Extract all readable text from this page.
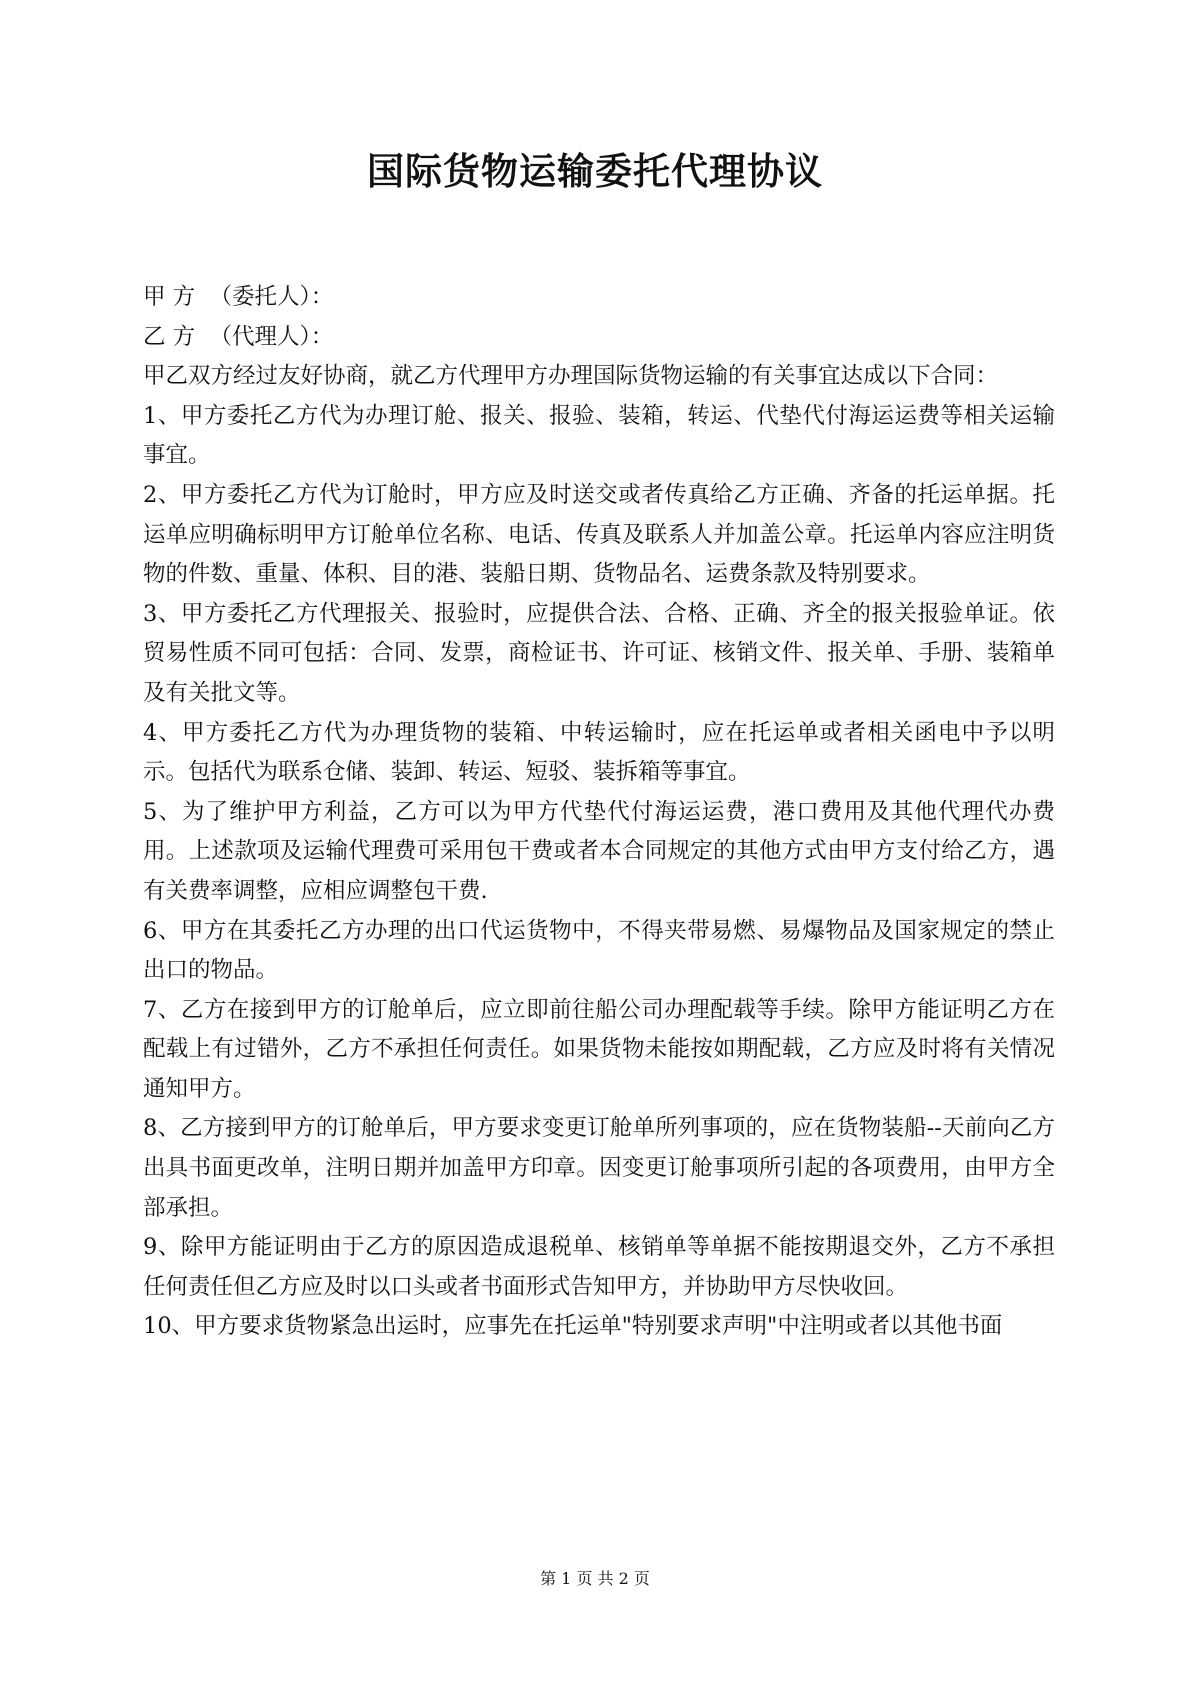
国际货物运输委托代理协议

甲 方  （委托人）：

乙 方  （代理人）：

甲乙双方经过友好协商，就乙方代理甲方办理国际货物运输的有关事宜达成以下合同：

1、甲方委托乙方代为办理订舱、报关、报验、装箱，转运、代垫代付海运运费等相关运输事宜。

2、甲方委托乙方代为订舱时，甲方应及时送交或者传真给乙方正确、齐备的托运单据。托运单应明确标明甲方订舱单位名称、电话、传真及联系人并加盖公章。托运单内容应注明货物的件数、重量、体积、目的港、装船日期、货物品名、运费条款及特别要求。

3、甲方委托乙方代理报关、报验时，应提供合法、合格、正确、齐全的报关报验单证。依贸易性质不同可包括：合同、发票，商检证书、许可证、核销文件、报关单、手册、装箱单及有关批文等。

4、甲方委托乙方代为办理货物的装箱、中转运输时，应在托运单或者相关函电中予以明示。包括代为联系仓储、装卸、转运、短驳、装拆箱等事宜。

5、为了维护甲方利益，乙方可以为甲方代垫代付海运运费，港口费用及其他代理代办费用。上述款项及运输代理费可采用包干费或者本合同规定的其他方式由甲方支付给乙方，遇有关费率调整，应相应调整包干费.

6、甲方在其委托乙方办理的出口代运货物中，不得夹带易燃、易爆物品及国家规定的禁止出口的物品。

7、乙方在接到甲方的订舱单后，应立即前往船公司办理配载等手续。除甲方能证明乙方在配载上有过错外，乙方不承担任何责任。如果货物未能按如期配载，乙方应及时将有关情况通知甲方。

8、乙方接到甲方的订舱单后，甲方要求变更订舱单所列事项的，应在货物装船--天前向乙方出具书面更改单，注明日期并加盖甲方印章。因变更订舱事项所引起的各项费用，由甲方全部承担。

9、除甲方能证明由于乙方的原因造成退税单、核销单等单据不能按期退交外，乙方不承担任何责任但乙方应及时以口头或者书面形式告知甲方，并协助甲方尽快收回。

10、甲方要求货物紧急出运时，应事先在托运单"特别要求声明"中注明或者以其他书面

第 1 页 共 2 页
